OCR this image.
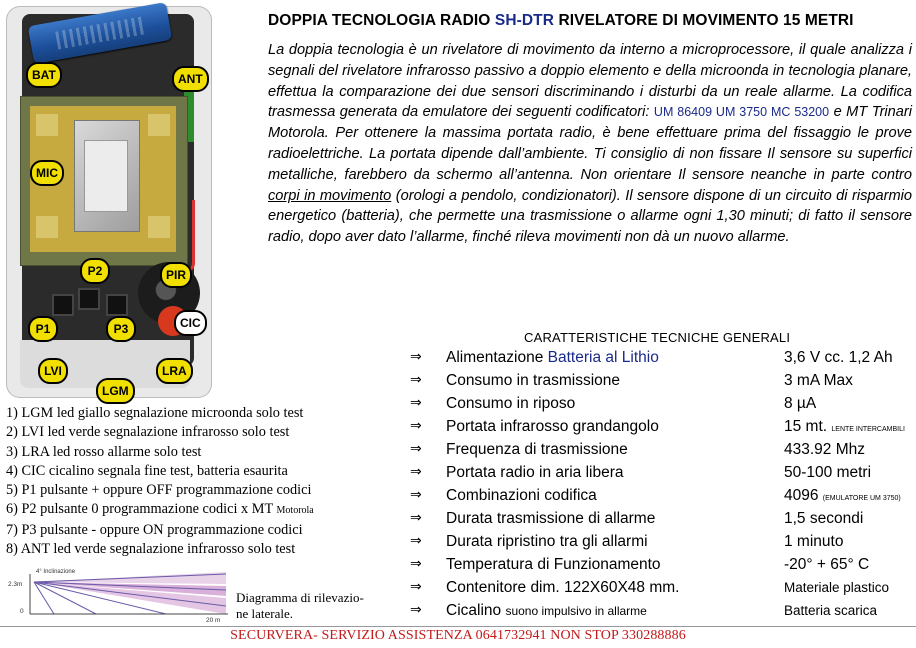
BAT	ANT
MIC
PIR
P2
P1	P3	CIC
LVI	LRA
LGM
DOPPIA TECNOLOGIA RADIO SH-DTR RIVELATORE DI MOVIMENTO 15 METRI
La doppia tecnologia è un rivelatore di movimento da interno a microprocessore, il quale analizza i segnali del rivelatore infrarosso passivo a doppio elemento e della microonda in tecnologia planare, effettua la comparazione dei due sensori discriminando i disturbi da un reale allarme. La codifica trasmessa generata da emulatore dei seguenti codificatori: UM 86409 UM 3750 MC 53200 e MT Trinari Motorola. Per ottenere la massima portata radio, è bene effettuare prima del fissaggio le prove radioelettriche. La portata dipende dall’ambiente. Ti consiglio di non fissare Il sensore su superfici metalliche, farebbero da schermo all’antenna. Non orientare Il sensore neanche in parte contro corpi in movimento (orologi a pendolo, condizionatori). Il sensore dispone di un circuito di risparmio energetico (batteria), che permette una trasmissione o allarme ogni 1,30 minuti; di fatto il sensore radio, dopo aver dato l’allarme, finché rileva movimenti non dà un nuovo allarme.
CARATTERISTICHE TECNICHE GENERALI
⇒ Alimentazione Batteria al Lithio	3,6 V cc. 1,2 Ah
⇒ Consumo in trasmissione	3 mA Max
⇒ Consumo in riposo	8 µA
⇒ Portata infrarosso grandangolo	15 mt. LENTE INTERCAMBILI
⇒ Frequenza di trasmissione	433.92 Mhz
⇒ Portata radio in aria libera	50-100 metri
⇒ Combinazioni codifica	4096 (EMULATORE UM 3750)
⇒ Durata trasmissione di allarme	1,5 secondi
⇒ Durata ripristino tra gli allarmi	1 minuto
⇒ Temperatura di Funzionamento	-20° + 65° C
⇒ Contenitore dim. 122X60X48 mm.	Materiale plastico
⇒ Cicalino suono impulsivo in allarme	Batteria scarica
1) LGM led giallo segnalazione microonda solo test
2) LVI led verde segnalazione infrarosso solo test
3) LRA led rosso allarme solo test
4) CIC cicalino segnala fine test, batteria esaurita
5) P1 pulsante + oppure OFF programmazione codici
6) P2 pulsante 0 programmazione codici x MT Motorola
7) P3 pulsante - oppure ON programmazione codici
8) ANT led verde segnalazione infrarosso solo test
4° Inclinazione
2.3m
0
20 m
Diagramma di rilevazio-
ne laterale.
SECURVERA- SERVIZIO ASSISTENZA 0641732941 NON STOP 330288886
